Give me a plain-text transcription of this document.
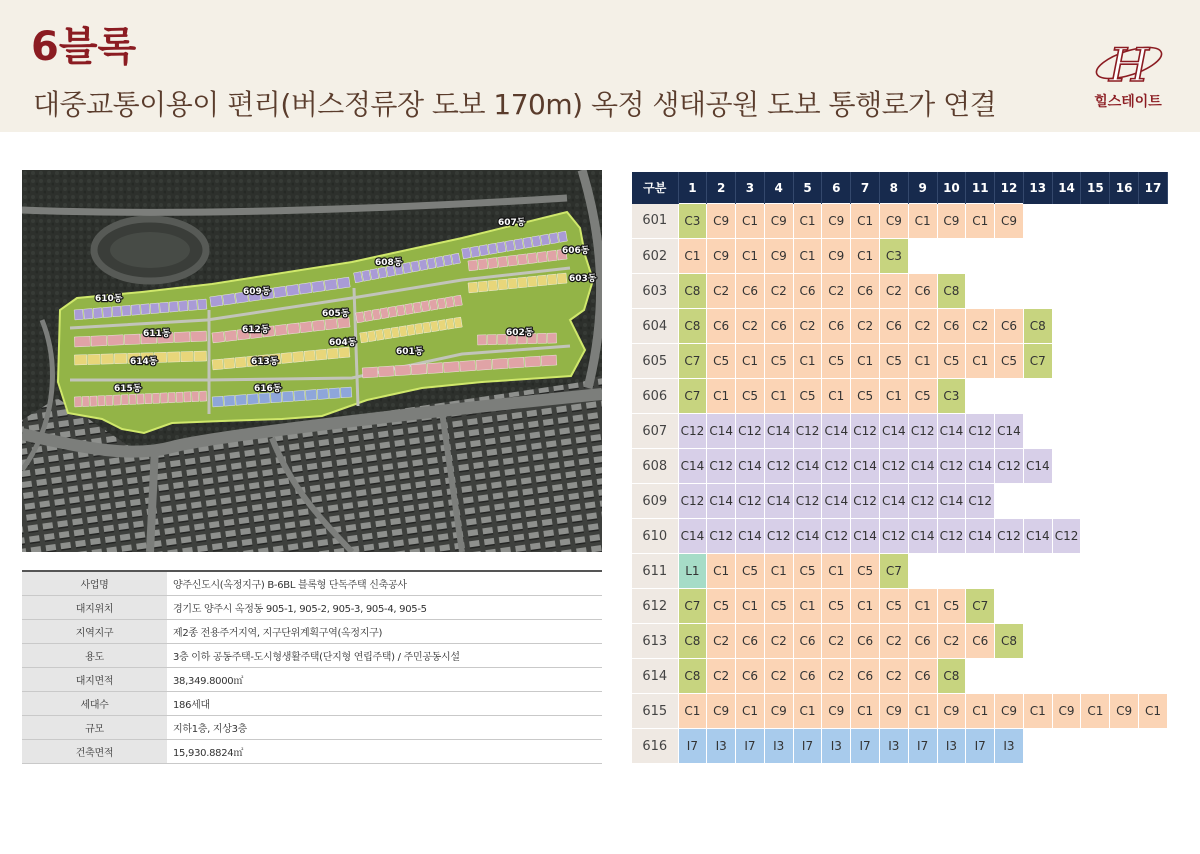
6블록
대중교통이용이 편리(버스정류장 도보 170m) 옥정 생태공원 도보 통행로가 연결
H
힐스테이트
607동
606동
608동
603동
610동
609동
605동
611동	612동
604동
602동
601동
614동	613동
615동	616동
사업명	양주신도시(옥정지구) B-6BL 블록형 단독주택 신축공사
대지위치	경기도 양주시 옥정동 905-1, 905-2, 905-3, 905-4, 905-5
지역지구	제2종 전용주거지역, 지구단위계획구역(옥정지구)
용도	3층 이하 공동주택-도시형생활주택(단지형 연립주택) / 주민공동시설
대지면적	38,349.8000㎡
세대수	186세대
규모	지하1층, 지상3층
건축면적	15,930.8824㎡
구분	1	2	3	4	5	6	7	8	9	10	11	12	13	14	15	16	17
601	C3	C9	C1	C9	C1	C9	C1	C9	C1	C9	C1	C9					
602	C1	C9	C1	C9	C1	C9	C1	C3									
603	C8	C2	C6	C2	C6	C2	C6	C2	C6	C8							
604	C8	C6	C2	C6	C2	C6	C2	C6	C2	C6	C2	C6	C8				
605	C7	C5	C1	C5	C1	C5	C1	C5	C1	C5	C1	C5	C7				
606	C7	C1	C5	C1	C5	C1	C5	C1	C5	C3							
607	C12	C14	C12	C14	C12	C14	C12	C14	C12	C14	C12	C14					
608	C14	C12	C14	C12	C14	C12	C14	C12	C14	C12	C14	C12	C14				
609	C12	C14	C12	C14	C12	C14	C12	C14	C12	C14	C12						
610	C14	C12	C14	C12	C14	C12	C14	C12	C14	C12	C14	C12	C14	C12			
611	L1	C1	C5	C1	C5	C1	C5	C7									
612	C7	C5	C1	C5	C1	C5	C1	C5	C1	C5	C7						
613	C8	C2	C6	C2	C6	C2	C6	C2	C6	C2	C6	C8					
614	C8	C2	C6	C2	C6	C2	C6	C2	C6	C8							
615	C1	C9	C1	C9	C1	C9	C1	C9	C1	C9	C1	C9	C1	C9	C1	C9	C1
616	I7	I3	I7	I3	I7	I3	I7	I3	I7	I3	I7	I3					
